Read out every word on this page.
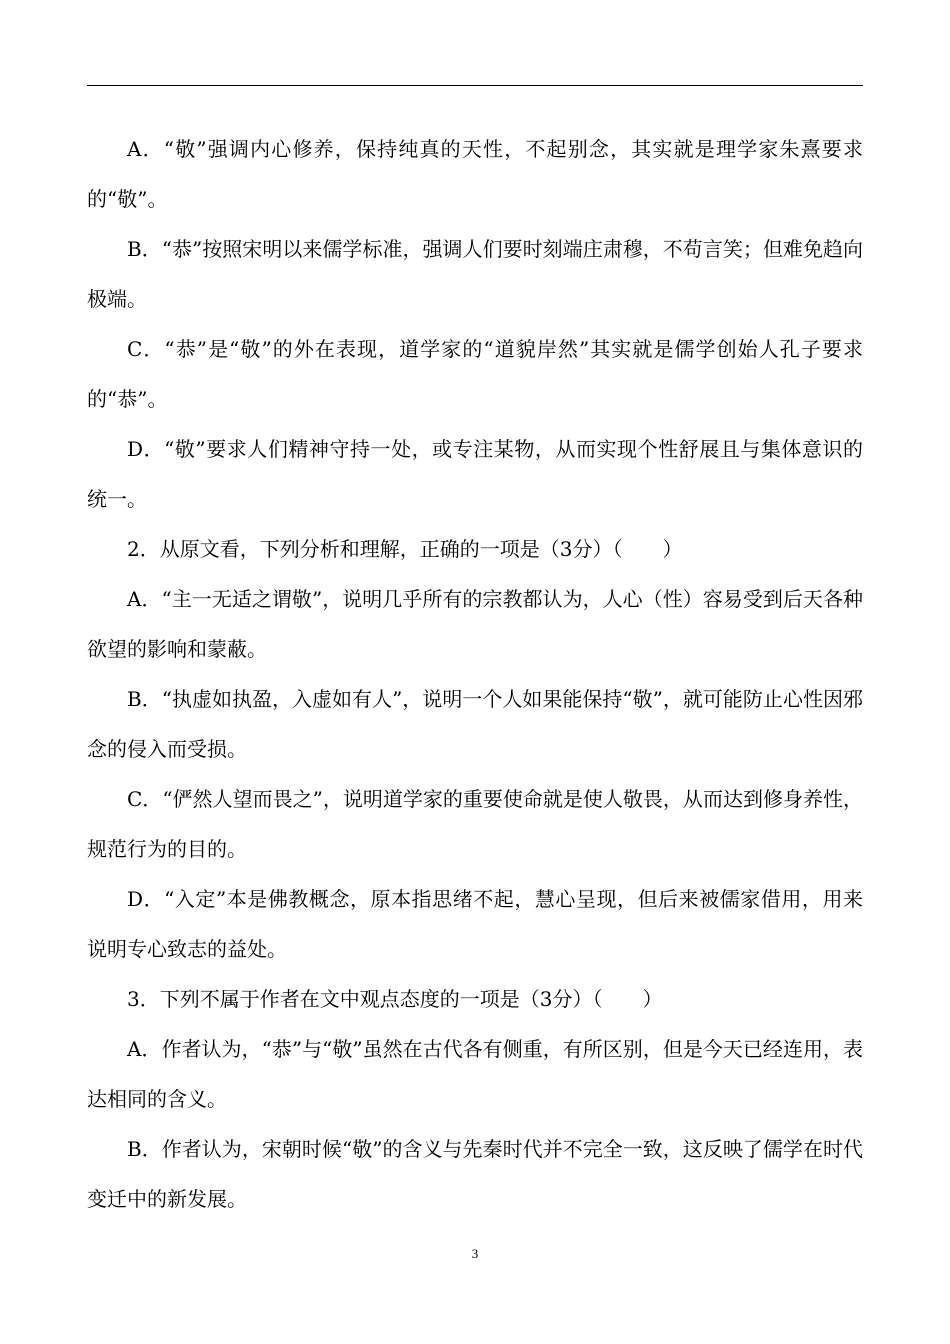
A．“敬”强调内心修养，保持纯真的天性，不起别念，其实就是理学家朱熹要求的“敬”。

B．“恭”按照宋明以来儒学标准，强调人们要时刻端庄肃穆，不苟言笑；但难免趋向极端。

C．“恭”是“敬”的外在表现，道学家的“道貌岸然”其实就是儒学创始人孔子要求的“恭”。

D．“敬”要求人们精神守持一处，或专注某物，从而实现个性舒展且与集体意识的统一。

2．从原文看，下列分析和理解，正确的一项是（3分）（　　）

A．“主一无适之谓敬”，说明几乎所有的宗教都认为，人心（性）容易受到后天各种欲望的影响和蒙蔽。

B．“执虚如执盈，入虚如有人”，说明一个人如果能保持“敬”，就可能防止心性因邪念的侵入而受损。

C．“俨然人望而畏之”，说明道学家的重要使命就是使人敬畏，从而达到修身养性，规范行为的目的。

D．“入定”本是佛教概念，原本指思绪不起，慧心呈现，但后来被儒家借用，用来说明专心致志的益处。

3．下列不属于作者在文中观点态度的一项是（3分）（　　）

A．作者认为，“恭”与“敬”虽然在古代各有侧重，有所区别，但是今天已经连用，表达相同的含义。

B．作者认为，宋朝时候“敬”的含义与先秦时代并不完全一致，这反映了儒学在时代变迁中的新发展。

3
